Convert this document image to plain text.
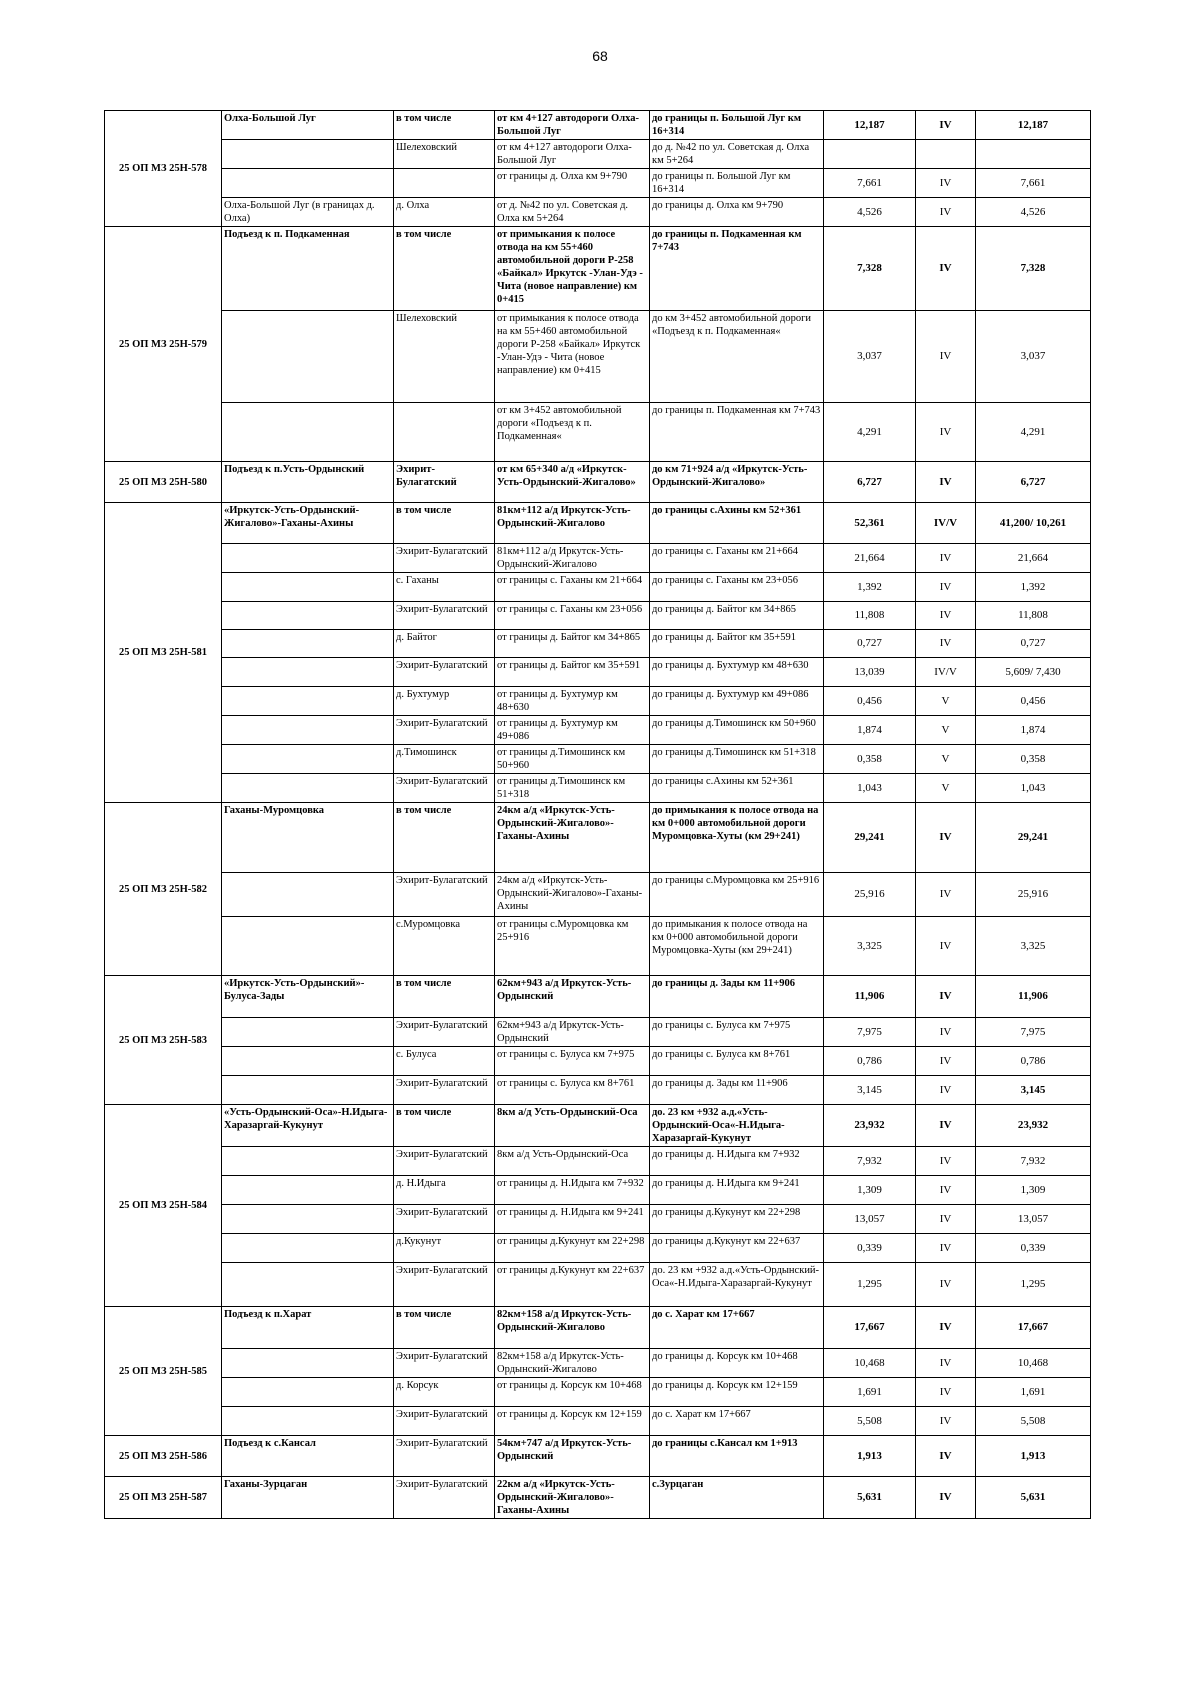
68
25 ОП МЗ 25Н-578	Олха-Большой Луг	в том числе	от км 4+127 автодороги Олха-Большой Луг	до границы п. Большой Луг км 16+314	12,187	IV	12,187
		Шелеховский	от км 4+127 автодороги Олха-Большой Луг	до д. №42 по ул. Советская д. Олха км 5+264			
			от границы д. Олха км 9+790	до границы п. Большой Луг км 16+314	7,661	IV	7,661
	Олха-Большой Луг (в границах д. Олха)	д. Олха	от д. №42 по ул. Советская д. Олха км 5+264	до границы д. Олха км 9+790	4,526	IV	4,526
25 ОП МЗ 25Н-579	Подъезд к п. Подкаменная	в том числе	от примыкания к полосе отвода на км 55+460 автомобильной дороги Р-258 «Байкал» Иркутск -Улан-Удэ - Чита (новое направление) км 0+415	до границы п. Подкаменная км 7+743	7,328	IV	7,328
		Шелеховский	от примыкания к полосе отвода на км 55+460 автомобильной дороги Р-258 «Байкал» Иркутск -Улан-Удэ - Чита (новое направление) км 0+415	до км 3+452 автомобильной дороги «Подъезд к п. Подкаменная«	3,037	IV	3,037
			от км 3+452 автомобильной дороги «Подъезд к п. Подкаменная«	до границы п. Подкаменная км 7+743	4,291	IV	4,291
25 ОП МЗ 25Н-580	Подъезд к п.Усть-Ордынский	Эхирит-Булагатский	от км 65+340 а/д «Иркутск-Усть-Ордынский-Жигалово»	до км 71+924 а/д «Иркутск-Усть-Ордынский-Жигалово»	6,727	IV	6,727
25 ОП МЗ 25Н-581	«Иркутск-Усть-Ордынский-Жигалово»-Гаханы-Ахины	в том числе	81км+112 а/д Иркутск-Усть-Ордынский-Жигалово	до границы с.Ахины км 52+361	52,361	IV/V	41,200/ 10,261
		Эхирит-Булагатский	81км+112 а/д Иркутск-Усть-Ордынский-Жигалово	до границы с. Гаханы км 21+664	21,664	IV	21,664
		с. Гаханы	от границы с. Гаханы км 21+664	до границы с. Гаханы км 23+056	1,392	IV	1,392
		Эхирит-Булагатский	от границы с. Гаханы км 23+056	до границы д. Байтог км 34+865	11,808	IV	11,808
		д. Байтог	от границы д. Байтог км 34+865	до границы д. Байтог км 35+591	0,727	IV	0,727
		Эхирит-Булагатский	от границы д. Байтог км 35+591	до границы д. Бухтумур км 48+630	13,039	IV/V	5,609/ 7,430
		д. Бухтумур	от границы д. Бухтумур км 48+630	до границы д. Бухтумур км 49+086	0,456	V	0,456
		Эхирит-Булагатский	от границы д. Бухтумур км 49+086	до границы д.Тимошинск км 50+960	1,874	V	1,874
		д.Тимошинск	от границы д.Тимошинск км 50+960	до границы д.Тимошинск км 51+318	0,358	V	0,358
		Эхирит-Булагатский	от границы д.Тимошинск км 51+318	до границы с.Ахины км 52+361	1,043	V	1,043
25 ОП МЗ 25Н-582	Гаханы-Муромцовка	в том числе	24км а/д «Иркутск-Усть-Ордынский-Жигалово»-Гаханы-Ахины	до примыкания к полосе отвода на км 0+000 автомобильной дороги Муромцовка-Хуты (км 29+241)	29,241	IV	29,241
		Эхирит-Булагатский	24км а/д «Иркутск-Усть-Ордынский-Жигалово»-Гаханы-Ахины	до границы с.Муромцовка км 25+916	25,916	IV	25,916
		с.Муромцовка	от границы с.Муромцовка км 25+916	до примыкания к полосе отвода на км 0+000 автомобильной дороги Муромцовка-Хуты (км 29+241)	3,325	IV	3,325
25 ОП МЗ 25Н-583	«Иркутск-Усть-Ордынский»-Булуса-Зады	в том числе	62км+943 а/д Иркутск-Усть-Ордынский	до границы д. Зады км 11+906	11,906	IV	11,906
		Эхирит-Булагатский	62км+943 а/д Иркутск-Усть-Ордынский	до границы с. Булуса км 7+975	7,975	IV	7,975
		с. Булуса	от границы с. Булуса км 7+975	до границы с. Булуса км 8+761	0,786	IV	0,786
		Эхирит-Булагатский	от границы с. Булуса км 8+761	до границы д. Зады км 11+906	3,145	IV	3,145
25 ОП МЗ 25Н-584	«Усть-Ордынский-Оса»-Н.Идыга-Харазаргай-Кукунут	в том числе	8км а/д Усть-Ордынский-Оса	до. 23 км +932 а.д.«Усть-Ордынский-Оса«-Н.Идыга-Харазаргай-Кукунут	23,932	IV	23,932
		Эхирит-Булагатский	8км а/д Усть-Ордынский-Оса	до границы д. Н.Идыга км 7+932	7,932	IV	7,932
		д. Н.Идыга	от границы д. Н.Идыга км 7+932	до границы д. Н.Идыга км 9+241	1,309	IV	1,309
		Эхирит-Булагатский	от границы д. Н.Идыга км 9+241	до границы д.Кукунут км 22+298	13,057	IV	13,057
		д.Кукунут	от границы д.Кукунут км 22+298	до границы д.Кукунут км 22+637	0,339	IV	0,339
		Эхирит-Булагатский	от границы д.Кукунут км 22+637	до. 23 км +932 а.д.«Усть-Ордынский-Оса«-Н.Идыга-Харазаргай-Кукунут	1,295	IV	1,295
25 ОП МЗ 25Н-585	Подъезд к п.Харат	в том числе	82км+158 а/д Иркутск-Усть-Ордынский-Жигалово	до с. Харат км 17+667	17,667	IV	17,667
		Эхирит-Булагатский	82км+158 а/д Иркутск-Усть-Ордынский-Жигалово	до границы д. Корсук км 10+468	10,468	IV	10,468
		д. Корсук	от границы д. Корсук км 10+468	до границы д. Корсук км 12+159	1,691	IV	1,691
		Эхирит-Булагатский	от границы д. Корсук км 12+159	до с. Харат км 17+667	5,508	IV	5,508
25 ОП МЗ 25Н-586	Подъезд к с.Кансал	Эхирит-Булагатский	54км+747 а/д Иркутск-Усть-Ордынский	до границы с.Кансал км 1+913	1,913	IV	1,913
25 ОП МЗ 25Н-587	Гаханы-Зурцаган	Эхирит-Булагатский	22км а/д «Иркутск-Усть-Ордынский-Жигалово»-Гаханы-Ахины	с.Зурцаган	5,631	IV	5,631
